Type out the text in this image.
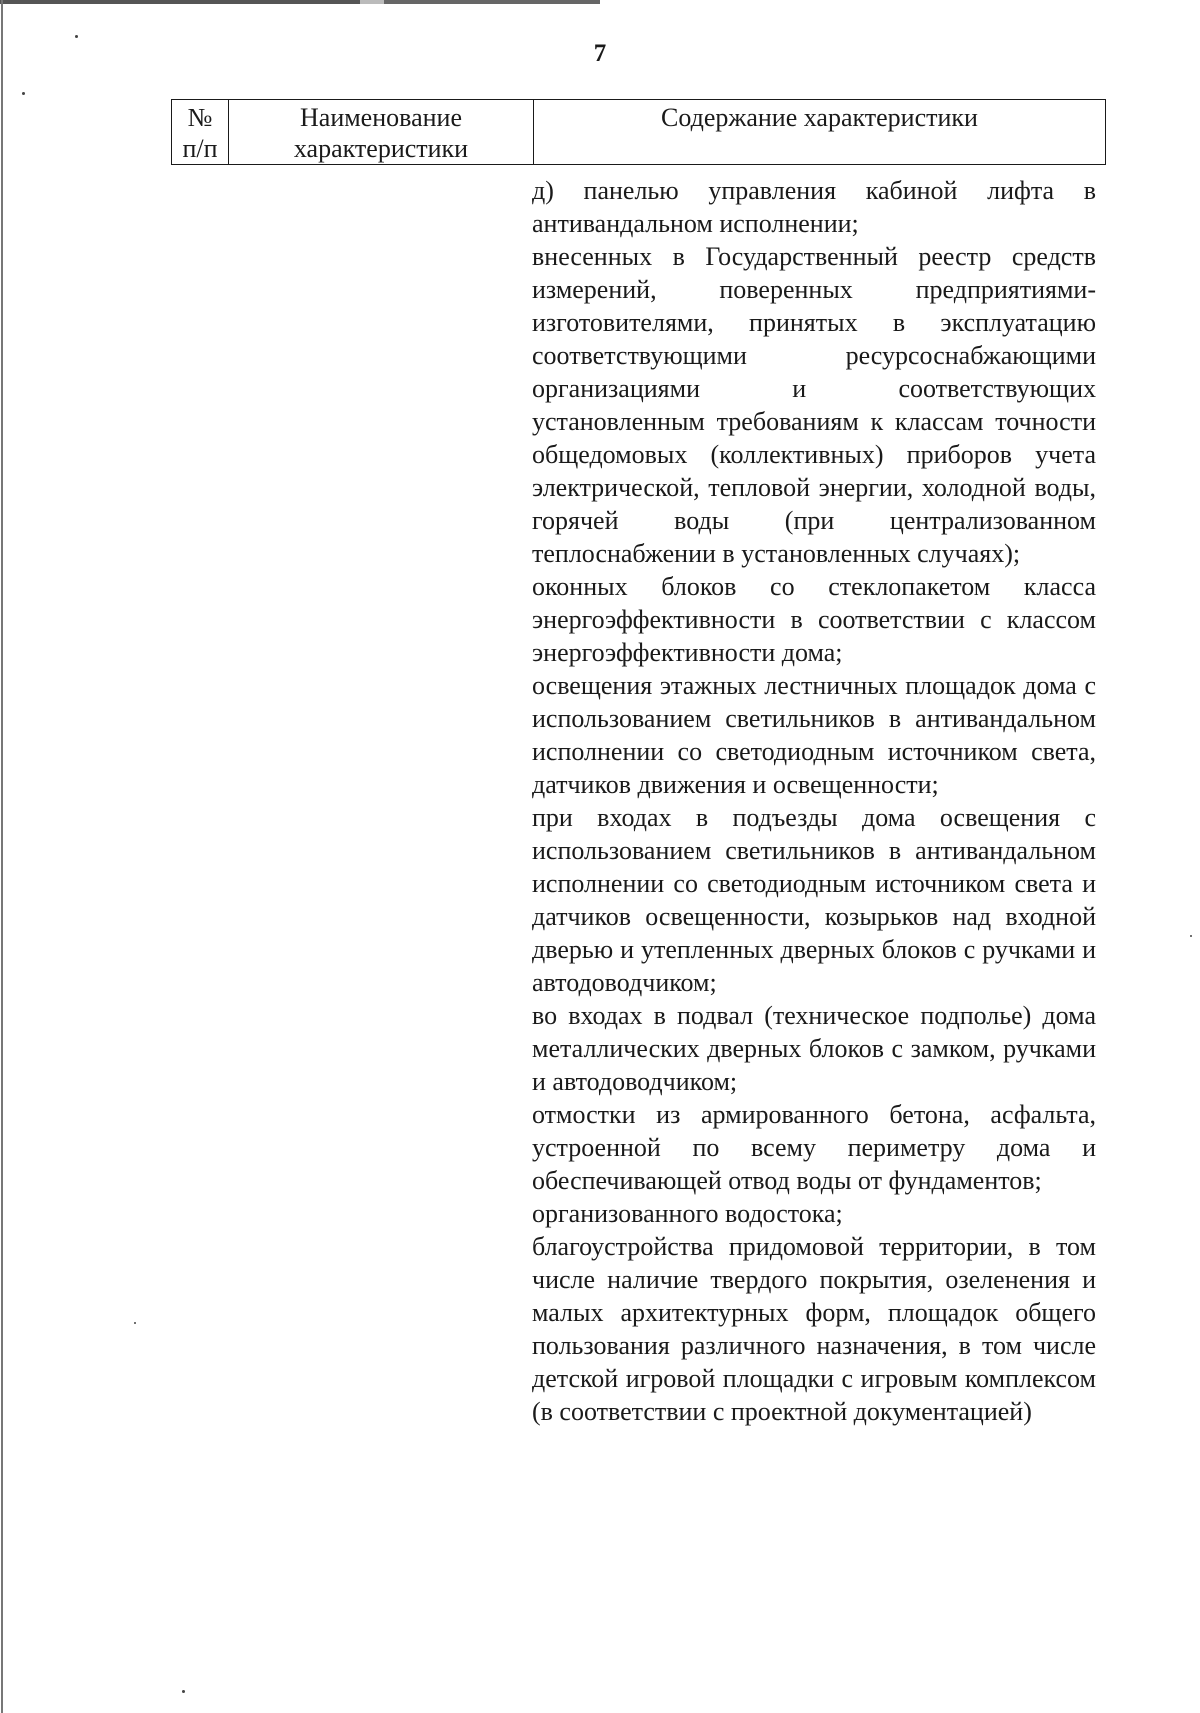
7
№ п/п	Наименование характеристики	Содержание характеристики

д) панелью управления кабиной лифта в антивандальном исполнении;

внесенных в Государственный реестр средств измерений, поверенных предприятиями-изготовителями, принятых в эксплуатацию соответствующими ресурсоснабжающими организациями и соответствующих установленным требованиям к классам точности общедомовых (коллективных) приборов учета электрической, тепловой энергии, холодной воды, горячей воды (при централизованном теплоснабжении в установленных случаях);

оконных блоков со стеклопакетом класса энергоэффективности в соответствии с классом энергоэффективности дома;

освещения этажных лестничных площадок дома с использованием светильников в антивандальном исполнении со светодиодным источником света, датчиков движения и освещенности;

при входах в подъезды дома освещения с использованием светильников в антивандальном исполнении со светодиодным источником света и датчиков освещенности, козырьков над входной дверью и утепленных дверных блоков с ручками и автодоводчиком;

во входах в подвал (техническое подполье) дома металлических дверных блоков с замком, ручками и автодоводчиком;

отмостки из армированного бетона, асфальта, устроенной по всему периметру дома и обеспечивающей отвод воды от фундаментов;

организованного водостока;

благоустройства придомовой территории, в том числе наличие твердого покрытия, озеленения и малых архитектурных форм, площадок общего пользования различного назначения, в том числе детской игровой площадки с игровым комплексом (в соответствии с проектной документацией)
